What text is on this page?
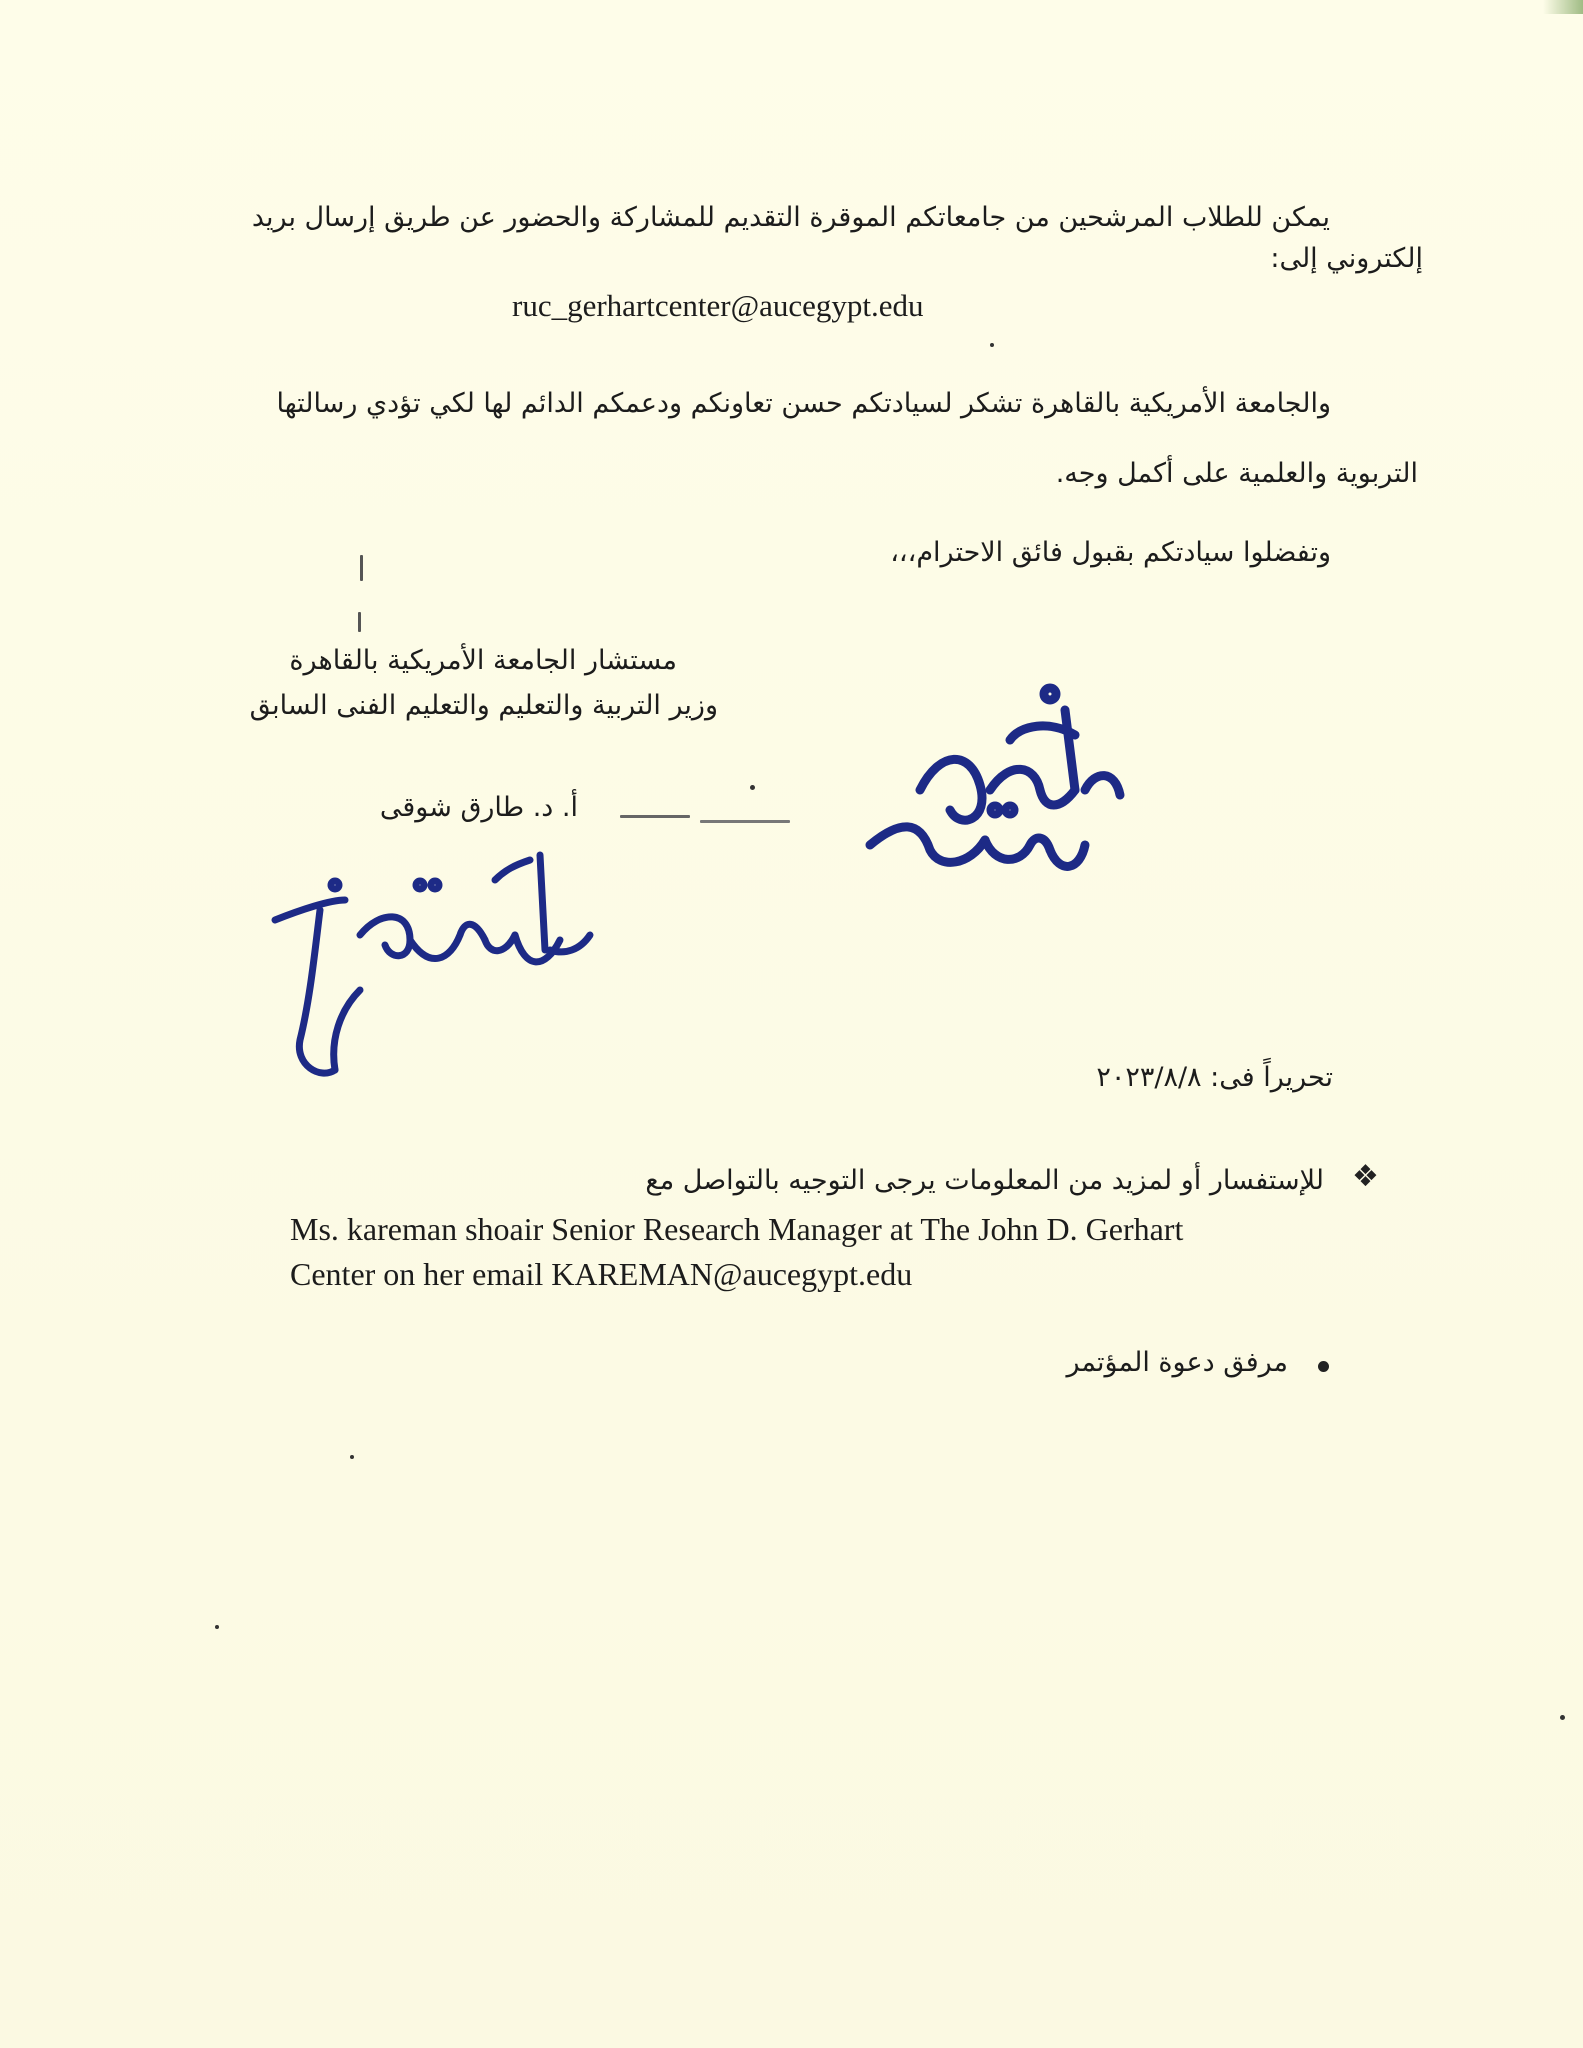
يمكن للطلاب المرشحين من جامعاتكم الموقرة التقديم للمشاركة والحضور عن طريق إرسال بريد
إلكتروني إلى:
ruc_gerhartcenter@aucegypt.edu
والجامعة الأمريكية بالقاهرة تشكر لسيادتكم حسن تعاونكم ودعمكم الدائم لها لكي تؤدي رسالتها
التربوية والعلمية على أكمل وجه.
وتفضلوا سيادتكم بقبول فائق الاحترام،،،
مستشار الجامعة الأمريكية بالقاهرة
وزير التربية والتعليم والتعليم الفنى السابق
أ. د. طارق شوقى
تحريراً فى: ٢٠٢٣/٨/٨
❖
للإستفسار أو لمزيد من المعلومات يرجى التوجيه بالتواصل مع
Ms. kareman shoair Senior Research Manager at The John D. Gerhart
Center on her email KAREMAN@aucegypt.edu
مرفق دعوة المؤتمر
